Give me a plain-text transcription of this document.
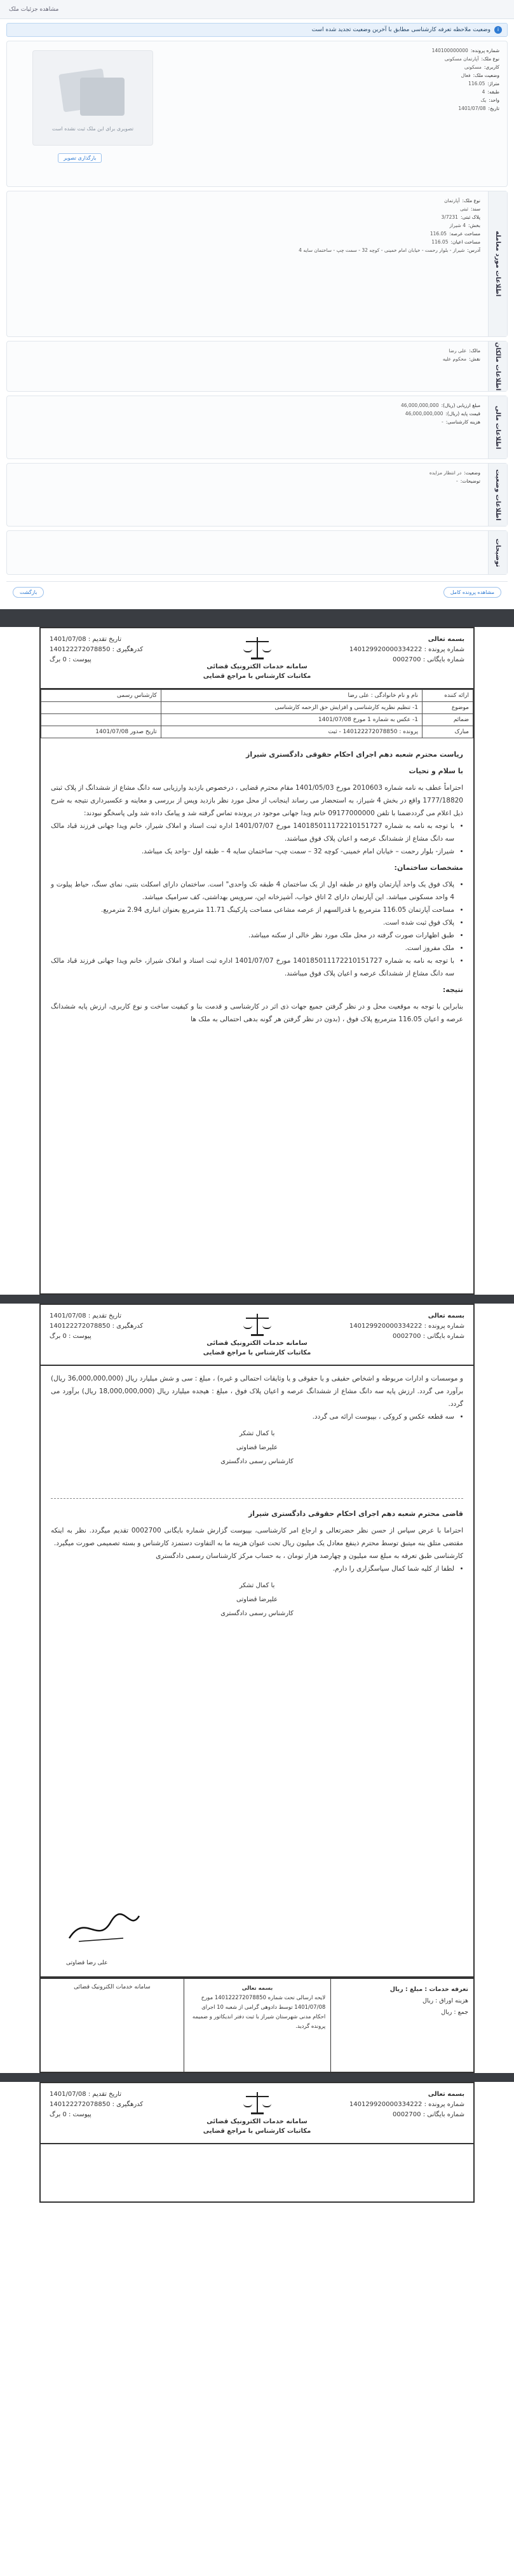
مشاهده جزئیات ملک
i
وضعیت ملاحظه تعرفه کارشناسی مطابق با آخرین وضعیت تجدید شده است
شماره پرونده:
140100000000
نوع ملک:
آپارتمان مسکونی
کاربری:
مسکونی
وضعیت ملک:
فعال
متراژ:
116.05
طبقه:
4
واحد:
یک
تاریخ:
1401/07/08
تصویری برای این ملک ثبت نشده است
بارگذاری تصویر
اطلاعات مورد معامله
نوع ملک:
آپارتمان
سند:
ثبتی
پلاک ثبتی:
3/7231
بخش:
4 شیراز
مساحت عرصه:
116.05
مساحت اعیان:
116.05
آدرس:
شیراز - بلوار رحمت - خیابان امام خمینی - کوچه 32 - سمت چپ - ساختمان سایه 4
اطلاعات مالکان
مالک:
علی رضا
نقش:
محکوم علیه
اطلاعات مالی
مبلغ ارزیابی (ریال):
46,000,000,000
قیمت پایه (ریال):
46,000,000,000
هزینه کارشناسی:
-
اطلاعات وضعیت
وضعیت:
در انتظار مزایده
توضیحات:
-
توضیحات
مشاهده پرونده کامل
بازگشت
بسمه تعالی
شماره پرونده : 140129920000334222
شماره بایگانی : 0002700
سامانه خدمات الکترونیک قضائی
مکاتبات کارشناس با مراجع قضایی
تاریخ تقدیم : 1401/07/08
کدرهگیری : 140122272078850
پیوست : 0 برگ
ارائه کننده	نام و نام خانوادگی : علی رضا	کارشناس رسمی
موضوع	1- تنظیم نظریه کارشناسی و افزایش حق الزحمه کارشناسی	
ضمائم	1- عکس به شماره 1 مورخ 1401/07/08	
مبارک	پرونده : 140122272078850 - ثبت	تاریخ صدور 1401/07/08
ریاست محترم شعبه دهم اجرای احکام حقوقی دادگستری شیراز
با سلام و تحیات

احتراماً عطف به نامه شماره 2010603 مورخ 1401/05/03 مقام محترم قضایی ، درخصوص بازدید وارزیابی سه دانگ مشاع از ششدانگ از پلاک ثبتی 1777/18820 واقع در بخش 4 شیراز، به استحضار می رساند اینجانب از محل مورد نظر بازدید وپس از بررسی و معاینه و عکسبرداری نتیجه به شرح ذیل اعلام می گرددضمنا با تلفن 09177000000 خانم ویدا جهانی موجود در پرونده تماس گرفته شد و پیامک داده شد ولی پاسخگو نبودند:

• با توجه به نامه به شماره 140185011172210151727 مورخ 1401/07/07 اداره ثبت اسناد و املاک شیراز، خانم ویدا جهانی فرزند قباد مالک سه دانگ مشاع از ششدانگ عرصه و اعیان پلاک فوق میباشند.
• شیراز- بلوار رحمت – خیابان امام خمینی- کوچه 32 – سمت چپ- ساختمان سایه 4 – طبقه اول –واحد یک میباشد.
مشخصات ساختمان:
• پلاک فوق یک واحد آپارتمان واقع در طبقه اول از یک ساختمان 4 طبقه تک واحدی" است. ساختمان دارای اسکلت بتنی، نمای سنگ، حیاط پیلوت و 4 واحد مسکونی میباشد. این آپارتمان دارای 2 اتاق خواب، آشپزخانه اپن، سرویس بهداشتی، کف سرامیک میباشد.
• مساحت آپارتمان 116.05 مترمربع با قدرالسهم از عرصه مشاعی مساحت پارکینگ 11.71 مترمربع بعنوان انباری 2.94 مترمربع.
• پلاک فوق ثبت شده است.
• طبق اظهارات صورت گرفته در محل ملک مورد نظر خالی از سکنه میباشد.
• ملک مفروز است.
• با توجه به نامه به شماره 140185011172210151727 مورخ 1401/07/07 اداره ثبت اسناد و املاک شیراز، خانم ویدا جهانی فرزند قباد مالک سه دانگ مشاع از ششدانگ عرصه و اعیان پلاک فوق میباشند.
نتیجه:

بنابراین با توجه به موقعیت محل و در نظر گرفتن جمیع جهات ذی اثر در کارشناسی و قدمت بنا و کیفیت ساخت و نوع کاربری، ارزش پایه ششدانگ عرصه و اعیان 116.05 مترمربع پلاک فوق ، (بدون در نظر گرفتن هر گونه بدهی احتمالی به ملک ها

بسمه تعالی
شماره پرونده : 140129920000334222
شماره بایگانی : 0002700
سامانه خدمات الکترونیک قضائی
مکاتبات کارشناس با مراجع قضایی
تاریخ تقدیم : 1401/07/08
کدرهگیری : 140122272078850
پیوست : 0 برگ

و موسسات و ادارات مربوطه و اشخاص حقیقی و یا حقوقی و یا وثایقات احتمالی و غیره) ، مبلغ : سی و شش میلیارد ریال (36,000,000,000 ریال) برآورد می گردد. ارزش پایه سه دانگ مشاع از ششدانگ عرصه و اعیان پلاک فوق ، مبلغ : هیجده میلیارد ریال (18,000,000,000 ریال) برآورد می گردد.

• سه قطعه عکس و کروکی ، بپیوست ارائه می گردد.
با کمال تشکر
علیرضا قضاوتی
کارشناس رسمی دادگستری
قاضی محترم شعبه دهم اجرای احکام حقوقی دادگستری شیراز

احتراما با عرض سپاس از حسن نظر حضرتعالی و ارجاع امر کارشناسی، بپیوست گزارش شماره بایگانی 0002700 تقدیم میگردد. نظر به اینکه مقتضی متلق بنه میتبق توسط محترم ذینفع معادل یک میلیون ریال تحت عنوان هزینه ما به التفاوت دستمزد کارشناس و بسته تصمیمی صورت میگیرد.

کارشناسی طبق تعرفه به مبلغ سه میلیون و چهارصد هزار تومان ، به حساب مرکز کارشناسان رسمی دادگستری

• لطفا از کلیه شما کمال سپاسگزاری را دارم.
با کمال تشکر
علیرضا قضاوتی
کارشناس رسمی دادگستری
علی رضا قضاوتی
تعرفه خدمات : مبلغ : ریال
هزینه اوراق : ریال
جمع : ریال
بسمه تعالی
لایحه ارسالی تحت شماره 140122272078850 مورخ 1401/07/08 توسط دادوهی گرامی از شعبه 10 اجرای احکام مدنی شهرستان شیراز با ثبت دفتر اندیکاتور و ضمیمه پرونده گردید.
سامانه خدمات الکترونیک قضائی
بسمه تعالی
شماره پرونده : 140129920000334222
شماره بایگانی : 0002700
سامانه خدمات الکترونیک قضائی
مکاتبات کارشناس با مراجع قضایی
تاریخ تقدیم : 1401/07/08
کدرهگیری : 140122272078850
پیوست : 0 برگ
